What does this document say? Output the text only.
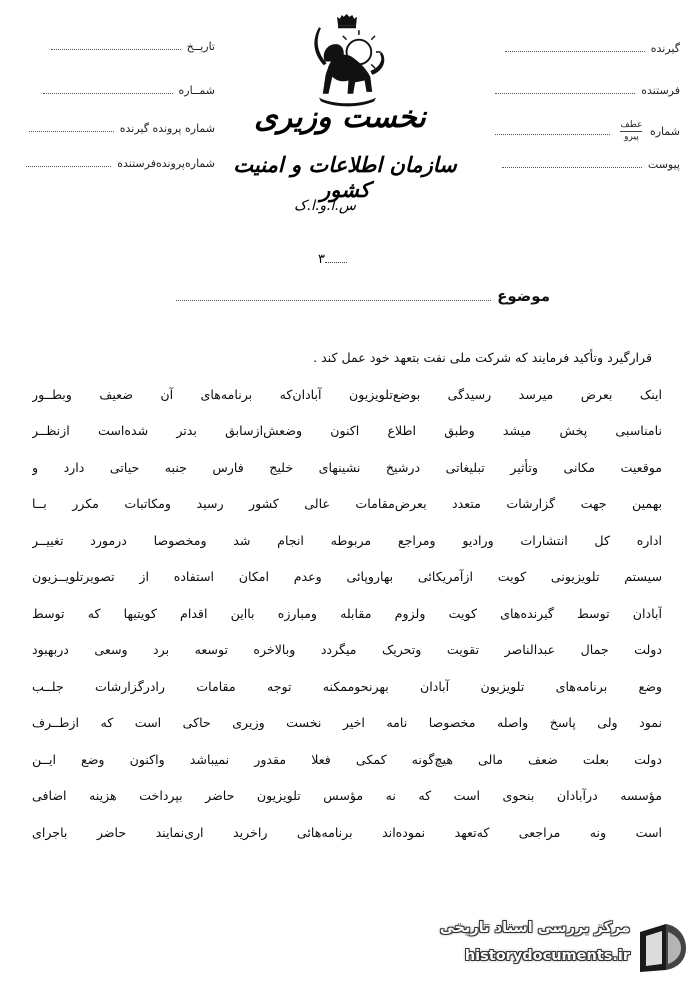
تاریــخ
شمــاره
شماره پرونده گیرنده
شماره‌پرونده‌فرستنده
گیرنده
فرستنده
شماره
عطف
پیرو
پیوست
نخست وزیری
سازمان اطلاعات و امنیت کشور
س.ا.و.ا.ک
۳
موضوع
قرارگیرد وتأکید فرمایند که شرکت ملی نفت بتعهد خود عمل کند .
اینک بعرض میرسد رسیدگی بوضع‌تلویزیون آبادان‌که برنامه‌های آن ضعیف وبطــور
نامناسبی پخش میشد وطبق اطلاع اکنون وضعش‌ازسابق بدتر شده‌است ازنظــر
موقعیت مکانی وتأثیر تبلیغاتی درشیخ نشینهای خلیج فارس جنبه حیاتی دارد و
بهمین جهت گزارشات متعدد بعرض‌مقامات عالی کشور رسید ومکاتبات مکرر بــا
اداره کل انتشارات ورادیو ومراجع مربوطه انجام شد ومخصوصا درمورد تغییــر
سیستم تلویزیونی کویت ازآمریکائی بهاروپائی وعدم امکان استفاده از تصویرتلویــزیون
آبادان توسط گیرنده‌های کویت ولزوم مقابله ومبارزه بااین اقدام کویتیها که توسط
دولت جمال عبدالناصر تقویت وتحریک میگردد وبالاخره توسعه برد وسعی دربهبود
وضع برنامه‌های تلویزیون آبادان بهرنحوممکنه توجه مقامات رادرگزارشات جلــب
نمود ولی پاسخ واصله مخصوصا نامه اخیر نخست وزیری حاکی است که ازطــرف
دولت بعلت ضعف مالی هیچ‌گونه کمکی فعلا مقدور نمیباشد واکنون وضع ایــن
مؤسسه درآبادان بنحوی است که نه مؤسس تلویزیون حاضر بپرداخت هزینه اضافی
است ونه مراجعی که‌تعهد نموده‌اند برنامه‌هائی راخرید اری‌نمایند حاضر باجرای
مرکز بررسی اسناد تاریخی
historydocuments.ir
